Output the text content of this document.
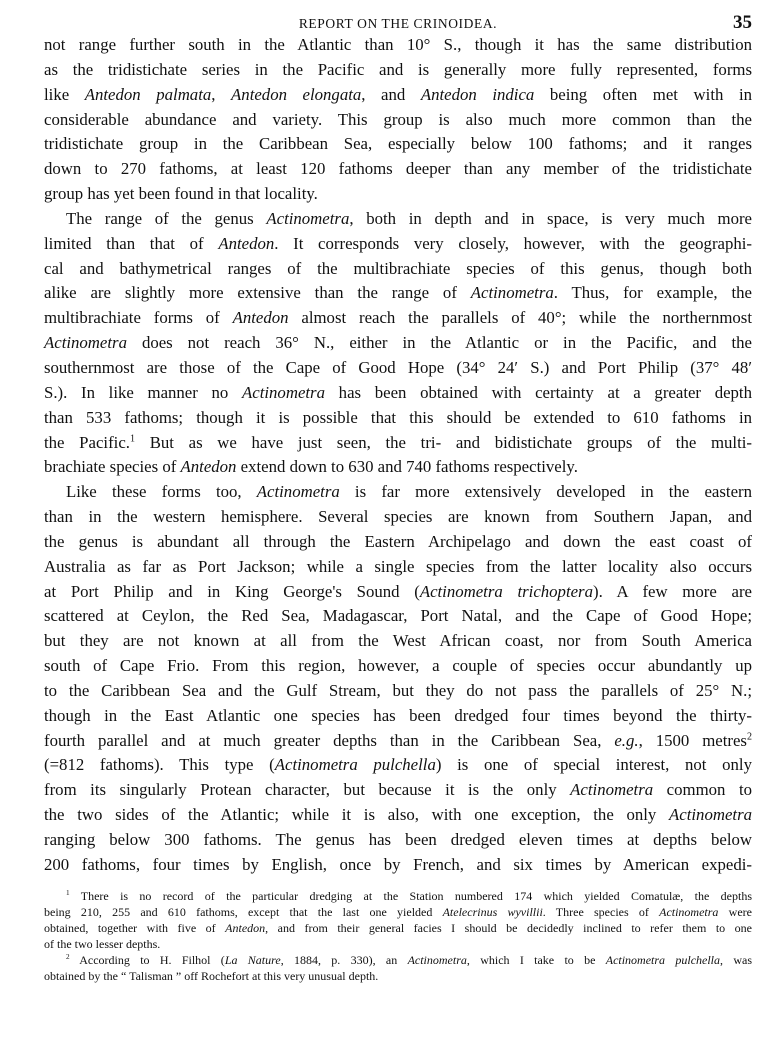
REPORT ON THE CRINOIDEA.	35
not range further south in the Atlantic than 10° S., though it has the same distribution
as the tridistichate series in the Pacific and is generally more fully represented, forms
like Antedon palmata, Antedon elongata, and Antedon indica being often met with in
considerable abundance and variety. This group is also much more common than the
tridistichate group in the Caribbean Sea, especially below 100 fathoms; and it ranges
down to 270 fathoms, at least 120 fathoms deeper than any member of the tridistichate
group has yet been found in that locality.
The range of the genus Actinometra, both in depth and in space, is very much more
limited than that of Antedon. It corresponds very closely, however, with the geographi-
cal and bathymetrical ranges of the multibrachiate species of this genus, though both
alike are slightly more extensive than the range of Actinometra. Thus, for example, the
multibrachiate forms of Antedon almost reach the parallels of 40°; while the northernmost
Actinometra does not reach 36° N., either in the Atlantic or in the Pacific, and the
southernmost are those of the Cape of Good Hope (34° 24′ S.) and Port Philip (37° 48′
S.). In like manner no Actinometra has been obtained with certainty at a greater depth
than 533 fathoms; though it is possible that this should be extended to 610 fathoms in
the Pacific.$^1$ But as we have just seen, the tri- and bidistichate groups of the multi-
brachiate species of Antedon extend down to 630 and 740 fathoms respectively.
Like these forms too, Actinometra is far more extensively developed in the eastern
than in the western hemisphere. Several species are known from Southern Japan, and
the genus is abundant all through the Eastern Archipelago and down the east coast of
Australia as far as Port Jackson; while a single species from the latter locality also occurs
at Port Philip and in King George's Sound (Actinometra trichoptera). A few more are
scattered at Ceylon, the Red Sea, Madagascar, Port Natal, and the Cape of Good Hope;
but they are not known at all from the West African coast, nor from South America
south of Cape Frio. From this region, however, a couple of species occur abundantly up
to the Caribbean Sea and the Gulf Stream, but they do not pass the parallels of 25° N.;
though in the East Atlantic one species has been dredged four times beyond the thirty-
fourth parallel and at much greater depths than in the Caribbean Sea, e.g., 1500 metres$^2$
(=812 fathoms). This type (Actinometra pulchella) is one of special interest, not only
from its singularly Protean character, but because it is the only Actinometra common to
the two sides of the Atlantic; while it is also, with one exception, the only Actinometra
ranging below 300 fathoms. The genus has been dredged eleven times at depths below
200 fathoms, four times by English, once by French, and six times by American expedi-
$^1$ There is no record of the particular dredging at the Station numbered 174 which yielded Comatulæ, the depths
being 210, 255 and 610 fathoms, except that the last one yielded Atelecrinus wyvillii. Three species of Actinometra were
obtained, together with five of Antedon, and from their general facies I should be decidedly inclined to refer them to one
of the two lesser depths.
$^2$ According to H. Filhol (La Nature, 1884, p. 330), an Actinometra, which I take to be Actinometra pulchella, was
obtained by the “ Talisman ” off Rochefort at this very unusual depth.
